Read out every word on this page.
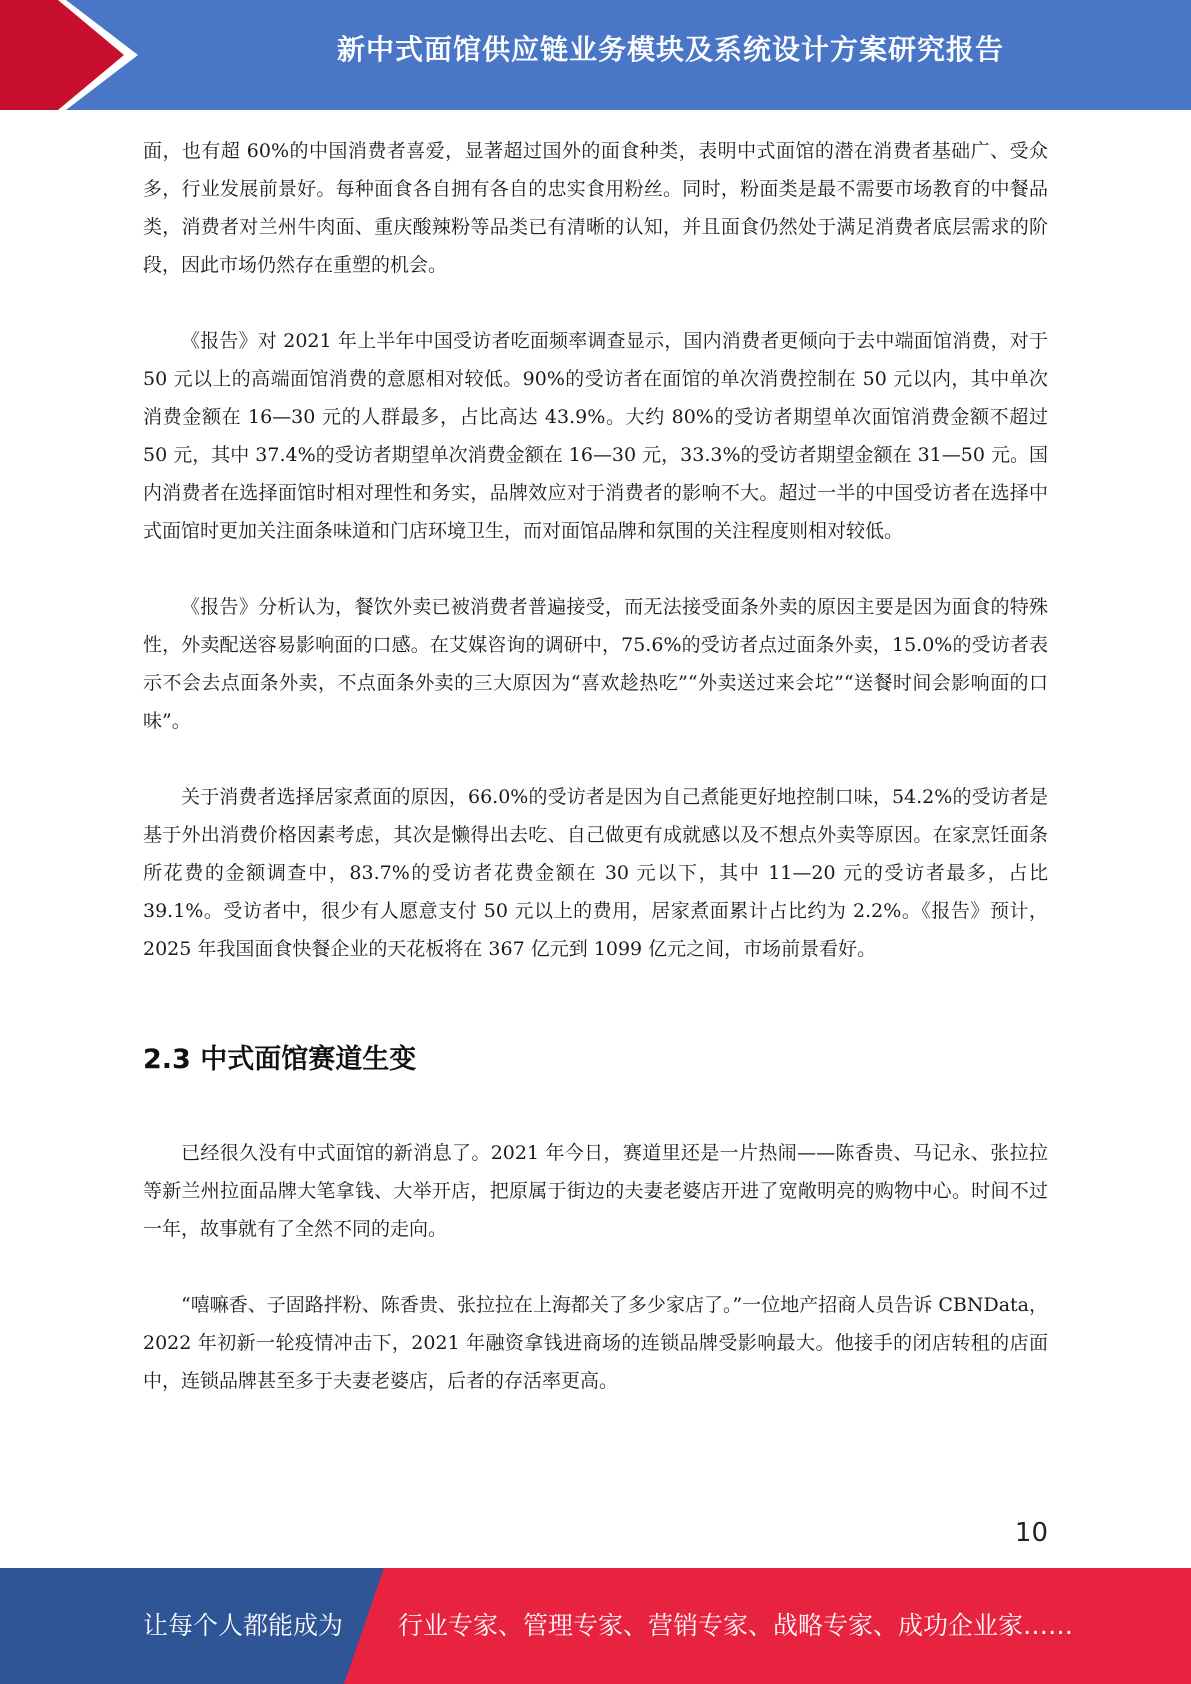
新中式面馆供应链业务模块及系统设计方案研究报告

面，也有超 60%的中国消费者喜爱，显著超过国外的面食种类，表明中式面馆的潜在消费者基础广、受众多，行业发展前景好。每种面食各自拥有各自的忠实食用粉丝。同时，粉面类是最不需要市场教育的中餐品类，消费者对兰州牛肉面、重庆酸辣粉等品类已有清晰的认知，并且面食仍然处于满足消费者底层需求的阶段，因此市场仍然存在重塑的机会。

《报告》对 2021 年上半年中国受访者吃面频率调查显示，国内消费者更倾向于去中端面馆消费，对于 50 元以上的高端面馆消费的意愿相对较低。90%的受访者在面馆的单次消费控制在 50 元以内，其中单次消费金额在 16—30 元的人群最多，占比高达 43.9%。大约 80%的受访者期望单次面馆消费金额不超过 50 元，其中 37.4%的受访者期望单次消费金额在 16—30 元，33.3%的受访者期望金额在 31—50 元。国内消费者在选择面馆时相对理性和务实，品牌效应对于消费者的影响不大。超过一半的中国受访者在选择中式面馆时更加关注面条味道和门店环境卫生，而对面馆品牌和氛围的关注程度则相对较低。

《报告》分析认为，餐饮外卖已被消费者普遍接受，而无法接受面条外卖的原因主要是因为面食的特殊性，外卖配送容易影响面的口感。在艾媒咨询的调研中，75.6%的受访者点过面条外卖，15.0%的受访者表示不会去点面条外卖，不点面条外卖的三大原因为“喜欢趁热吃”“外卖送过来会坨”“送餐时间会影响面的口味”。

关于消费者选择居家煮面的原因，66.0%的受访者是因为自己煮能更好地控制口味，54.2%的受访者是基于外出消费价格因素考虑，其次是懒得出去吃、自己做更有成就感以及不想点外卖等原因。在家烹饪面条所花费的金额调查中，83.7%的受访者花费金额在 30 元以下，其中 11—20 元的受访者最多，占比 39.1%。受访者中，很少有人愿意支付 50 元以上的费用，居家煮面累计占比约为 2.2%。《报告》预计，2025 年我国面食快餐企业的天花板将在 367 亿元到 1099 亿元之间，市场前景看好。

2.3 中式面馆赛道生变

已经很久没有中式面馆的新消息了。2021 年今日，赛道里还是一片热闹——陈香贵、马记永、张拉拉等新兰州拉面品牌大笔拿钱、大举开店，把原属于街边的夫妻老婆店开进了宽敞明亮的购物中心。时间不过一年，故事就有了全然不同的走向。

“嘻嘛香、子固路拌粉、陈香贵、张拉拉在上海都关了多少家店了。”一位地产招商人员告诉 CBNData，2022 年初新一轮疫情冲击下，2021 年融资拿钱进商场的连锁品牌受影响最大。他接手的闭店转租的店面中，连锁品牌甚至多于夫妻老婆店，后者的存活率更高。

10
让每个人都能成为 行业专家、管理专家、营销专家、战略专家、成功企业家……
